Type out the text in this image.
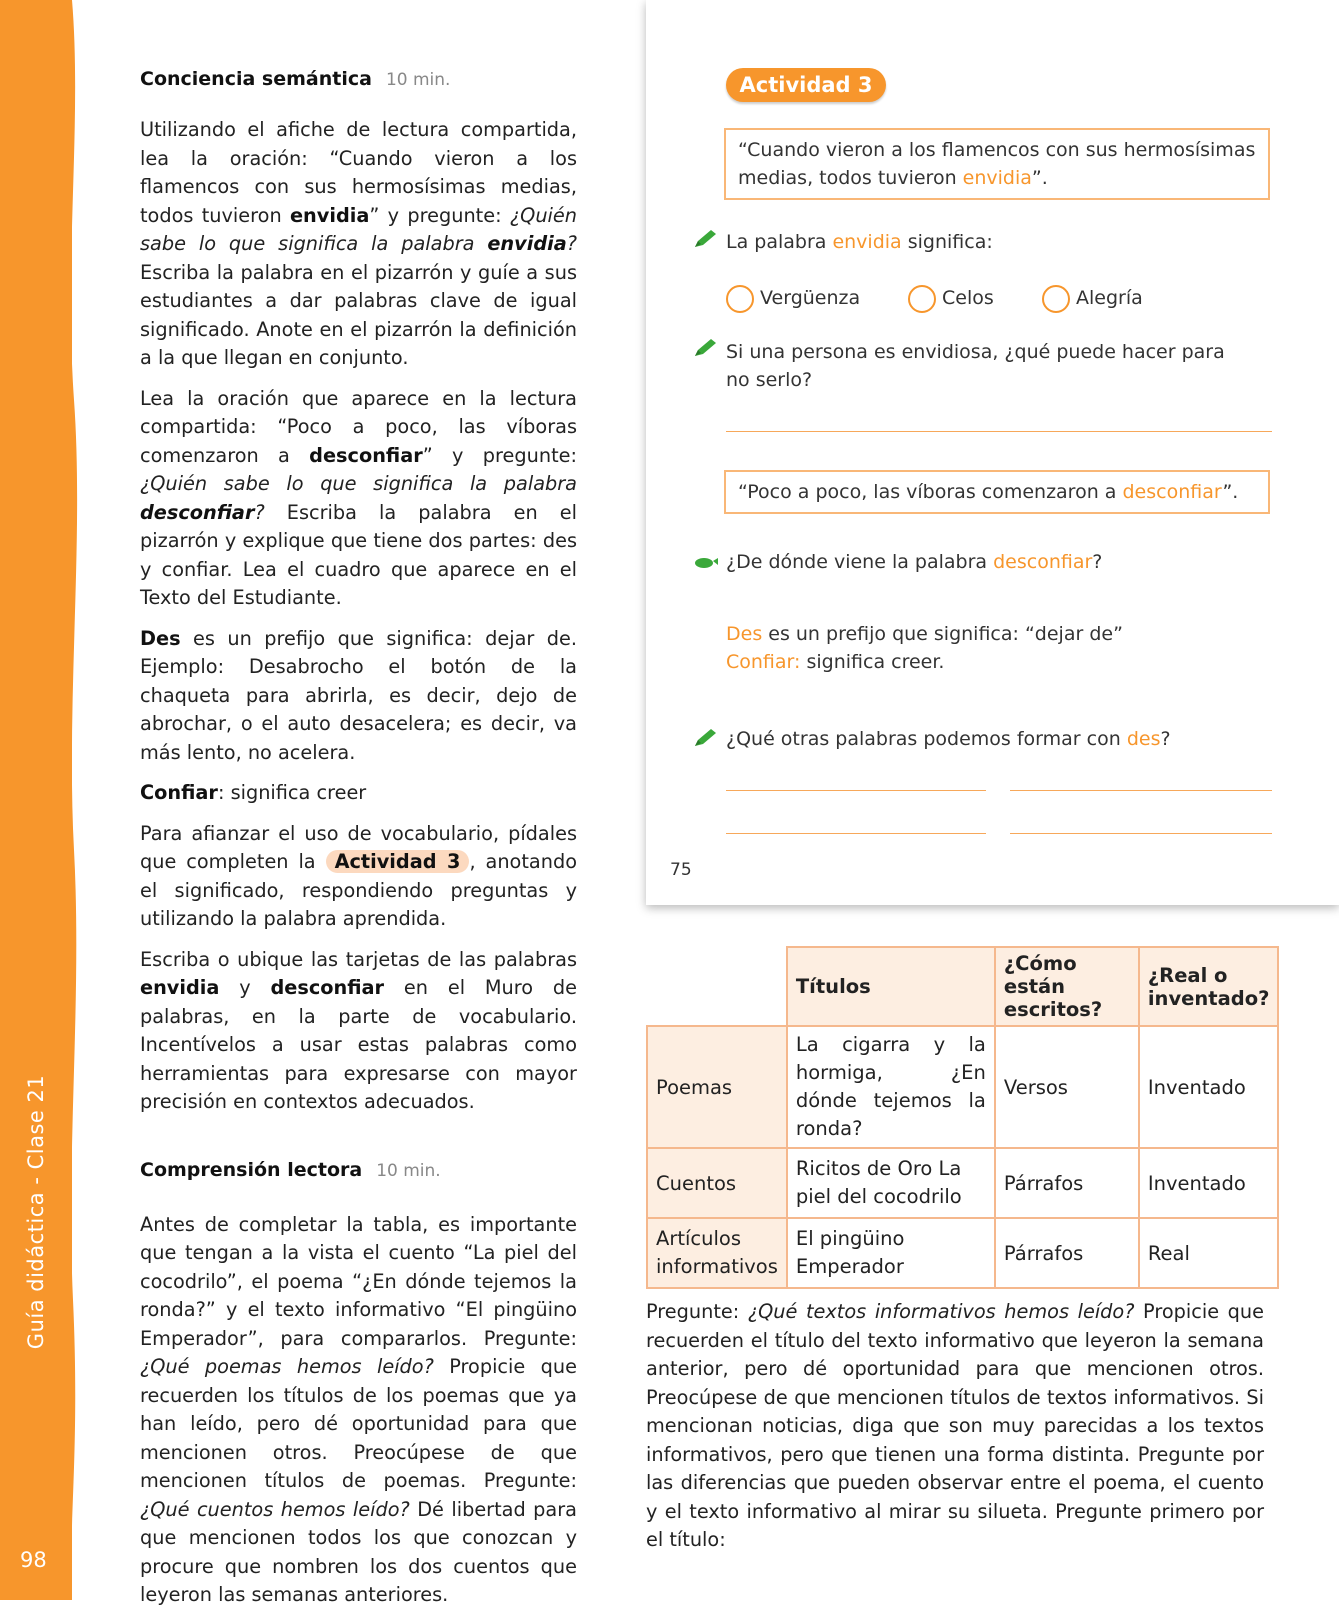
Guía didáctica - Clase 21
98

Conciencia semántica 10 min.

Utilizando el afiche de lectura compartida, lea la oración: “Cuando vieron a los flamencos con sus hermosísimas medias, todos tuvieron envidia” y pregunte: ¿Quién sabe lo que significa la palabra envidia? Escriba la palabra en el pizarrón y guíe a sus estudiantes a dar palabras clave de igual significado. Anote en el pizarrón la definición a la que llegan en conjunto.

Lea la oración que aparece en la lectura compartida: “Poco a poco, las víboras comenzaron a desconfiar” y pregunte: ¿Quién sabe lo que significa la palabra desconfiar? Escriba la palabra en el pizarrón y explique que tiene dos partes: des y confiar. Lea el cuadro que aparece en el Texto del Estudiante.

Des es un prefijo que significa: dejar de. Ejemplo: Desabrocho el botón de la chaqueta para abrirla, es decir, dejo de abrochar, o el auto desacelera; es decir, va más lento, no acelera.

Confiar: significa creer

Para afianzar el uso de vocabulario, pídales que completen la Actividad 3 , anotando el significado, respondiendo preguntas y utilizando la palabra aprendida.

Escriba o ubique las tarjetas de las palabras envidia y desconfiar en el Muro de palabras, en la parte de vocabulario. Incentívelos a usar estas palabras como herramientas para expresarse con mayor precisión en contextos adecuados.

Comprensión lectora 10 min.

Antes de completar la tabla, es importante que tengan a la vista el cuento “La piel del cocodrilo”, el poema “¿En dónde tejemos la ronda?” y el texto informativo “El pingüino Emperador”, para compararlos. Pregunte: ¿Qué poemas hemos leído? Propicie que recuerden los títulos de los poemas que ya han leído, pero dé oportunidad para que mencionen otros. Preocúpese de que mencionen títulos de poemas. Pregunte: ¿Qué cuentos hemos leído? Dé libertad para que mencionen todos los que conozcan y procure que nombren los dos cuentos que leyeron las semanas anteriores.

Actividad 3
“Cuando vieron a los flamencos con sus hermosísimas medias, todos tuvieron envidia”.
La palabra envidia significa:
Vergüenza	Celos	Alegría
Si una persona es envidiosa, ¿qué puede hacer para no serlo?
“Poco a poco, las víboras comenzaron a desconfiar”.
¿De dónde viene la palabra desconfiar?
Des es un prefijo que significa: “dejar de”
Confiar: significa creer.
¿Qué otras palabras podemos formar con des?
75
	Títulos	¿Cómo están escritos?	¿Real o inventado?
Poemas	La cigarra y la hormiga, ¿En dónde tejemos la ronda?	Versos	Inventado
Cuentos	Ricitos de Oro La piel del cocodrilo	Párrafos	Inventado
Artículos informativos	El pingüino Emperador	Párrafos	Real

Pregunte: ¿Qué textos informativos hemos leído? Propicie que recuerden el título del texto informativo que leyeron la semana anterior, pero dé oportunidad para que mencionen otros. Preocúpese de que mencionen títulos de textos informativos. Si mencionan noticias, diga que son muy parecidas a los textos informativos, pero que tienen una forma distinta. Pregunte por las diferencias que pueden observar entre el poema, el cuento y el texto informativo al mirar su silueta. Pregunte primero por el título:
